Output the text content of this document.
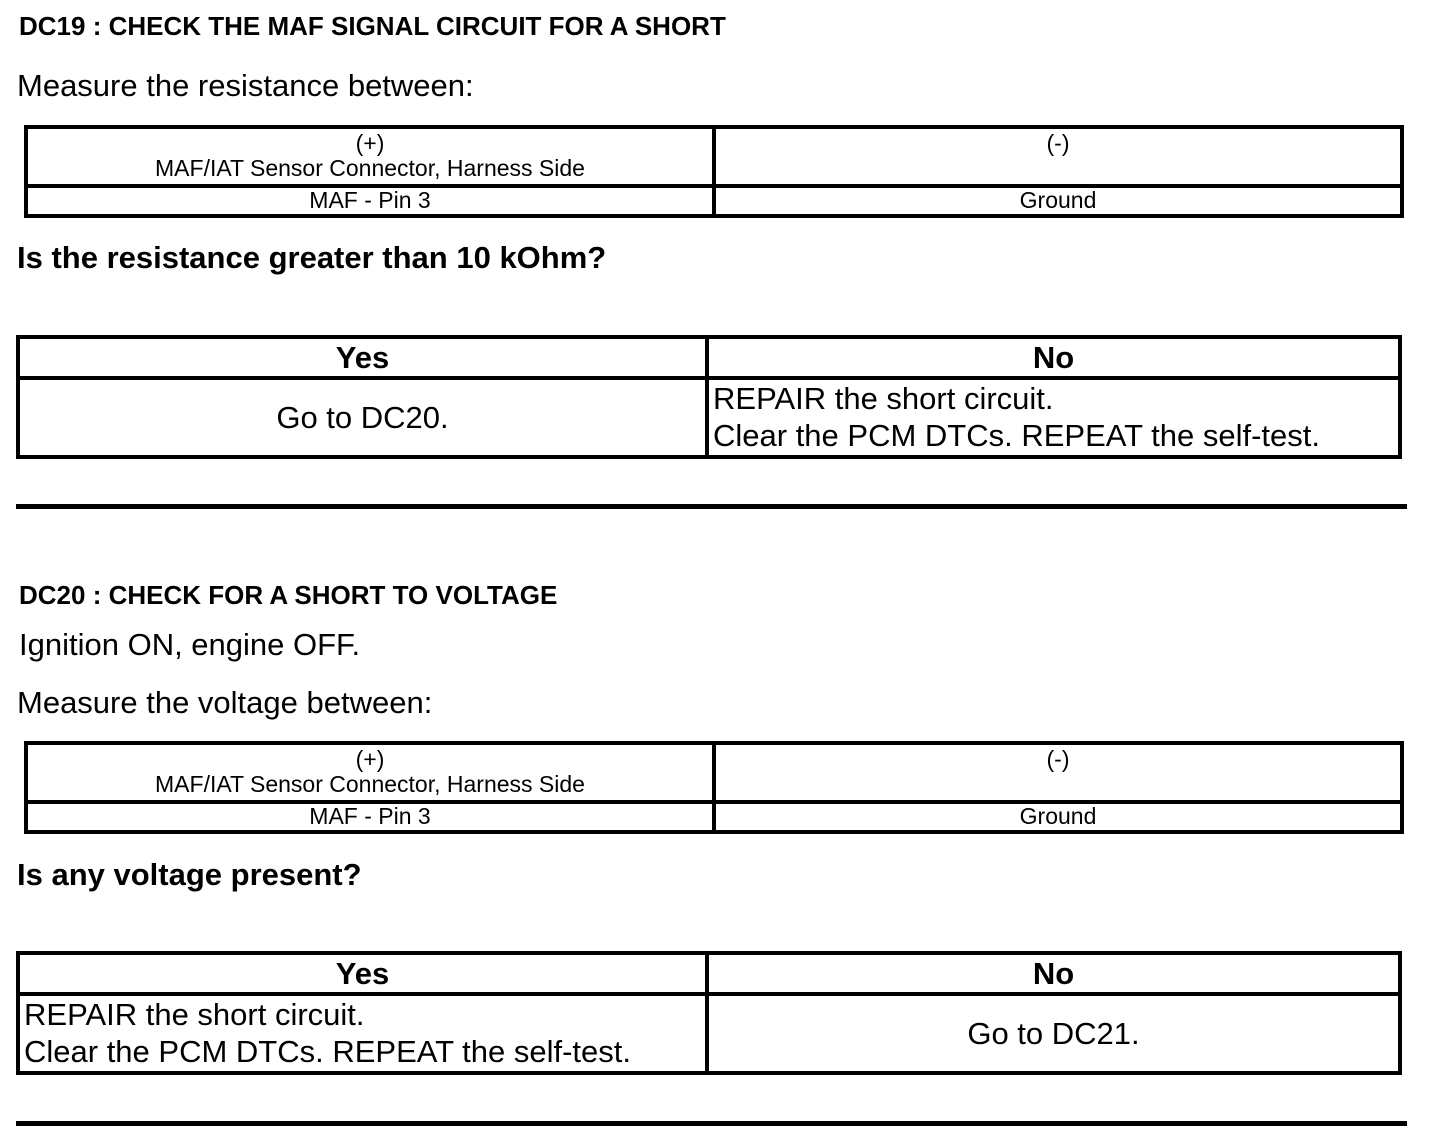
DC19 : CHECK THE MAF SIGNAL CIRCUIT FOR A SHORT
Measure the resistance between:
(+)
MAF/IAT Sensor Connector, Harness Side	(-)

MAF - Pin 3	Ground
Is the resistance greater than 10 kOhm?
Yes	No
Go to DC20.	REPAIR the short circuit.
Clear the PCM DTCs. REPEAT the self-test.
DC20 : CHECK FOR A SHORT TO VOLTAGE
Ignition ON, engine OFF.
Measure the voltage between:
(+)
MAF/IAT Sensor Connector, Harness Side	(-)

MAF - Pin 3	Ground
Is any voltage present?
Yes	No

REPAIR the short circuit.
Clear the PCM DTCs. REPEAT the self-test.	Go to DC21.
